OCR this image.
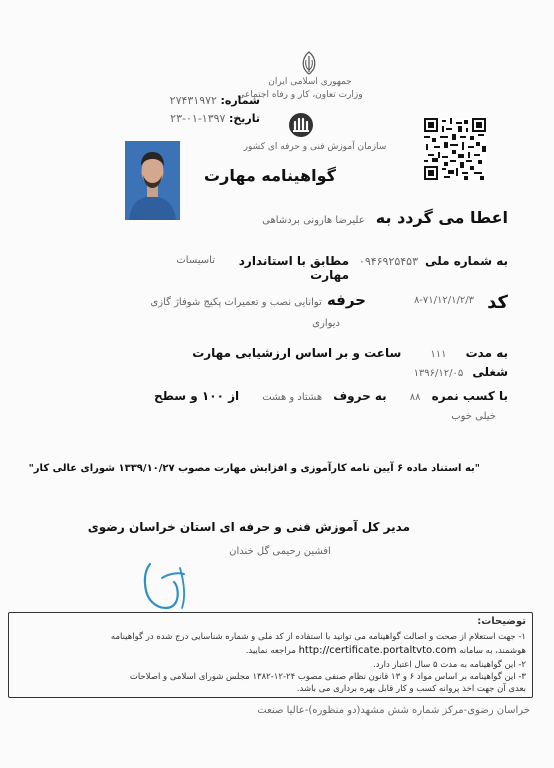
جمهوری اسلامی ایران
وزارت تعاون، کار و رفاه اجتماعی
شماره: ۲۷۴۳۱۹۷۲
تاریخ: ۱۳۹۷-۰۱-۲۳
سازمان آموزش فنی و حرفه ای کشور
گواهینامه مهارت
اعطا می گردد به علیرضا هارونی بردشاهی
به شماره ملی
۰۹۴۶۹۲۵۴۵۳
مطابق با استاندارد مهارت
تاسیسات
کد
۸-۷۱/۱۲/۱/۲/۳
حرفه توانایی نصب و تعمیرات پکیج شوفاژ گازی
دیواری
به مدت ۱۱۱ ساعت و بر اساس ارزشیابی مهارت شغلی ۱۳۹۶/۱۲/۰۵
با کسب نمره ۸۸ به حروف هشتاد و هشت از ۱۰۰ و سطح خیلی خوب
"به استناد ماده ۶ آیین نامه کارآموزی و افزایش مهارت مصوب ۱۳۳۹/۱۰/۲۷ شورای عالی کار"
مدیر کل آموزش فنی و حرفه ای استان خراسان رضوی
افشین رحیمی گل خندان
توضیحات:
۱- جهت استعلام از صحت و اصالت گواهینامه می توانید با استفاده از کد ملی و شماره شناسایی درج شده در گواهینامه
هوشمند، به سامانه http://certificate.portaltvto.com مراجعه نمایید.
۲- این گواهینامه به مدت ۵ سال اعتبار دارد.
۳- این گواهینامه بر اساس مواد ۶ و ۱۳ قانون نظام صنفی مصوب ۲۴-۱۲-۱۳۸۲ مجلس شورای اسلامی و اصلاحات
بعدی آن جهت اخذ پروانه کسب و کار قابل بهره برداری می باشد.
خراسان رضوی-مرکز شماره شش مشهد(دو منظوره)-عالیا صنعت
